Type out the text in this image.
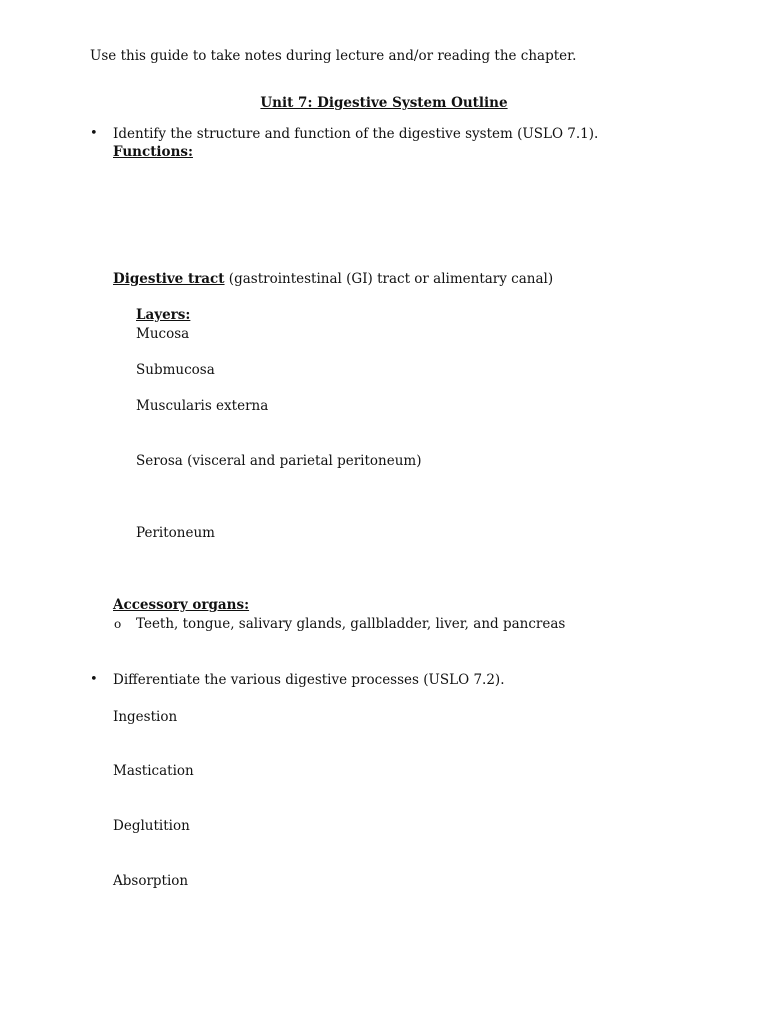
Use this guide to take notes during lecture and/or reading the chapter.
Unit 7: Digestive System Outline
• Identify the structure and function of the digestive system (USLO 7.1).
Functions:
Digestive tract (gastrointestinal (GI) tract or alimentary canal)
Layers:
Mucosa
Submucosa
Muscularis externa
Serosa (visceral and parietal peritoneum)
Peritoneum
Accessory organs:
o Teeth, tongue, salivary glands, gallbladder, liver, and pancreas
• Differentiate the various digestive processes (USLO 7.2).
Ingestion
Mastication
Deglutition
Absorption
